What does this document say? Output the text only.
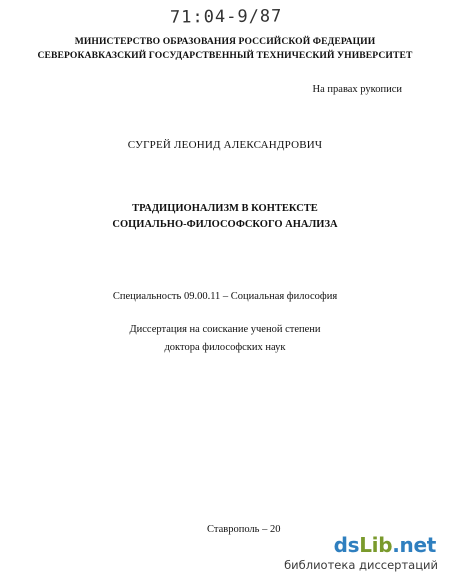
71:04-9/87
МИНИСТЕРСТВО ОБРАЗОВАНИЯ РОССИЙСКОЙ ФЕДЕРАЦИИ
СЕВЕРОКАВКАЗСКИЙ ГОСУДАРСТВЕННЫЙ ТЕХНИЧЕСКИЙ УНИВЕРСИТЕТ
На правах рукописи
СУГРЕЙ ЛЕОНИД АЛЕКСАНДРОВИЧ
ТРАДИЦИОНАЛИЗМ В КОНТЕКСТЕ
СОЦИАЛЬНО-ФИЛОСОФСКОГО АНАЛИЗА
Специальность 09.00.11 – Социальная философия
Диссертация на соискание ученой степени
доктора философских наук
Ставрополь – 20
dsLib.net
библиотека диссертаций
